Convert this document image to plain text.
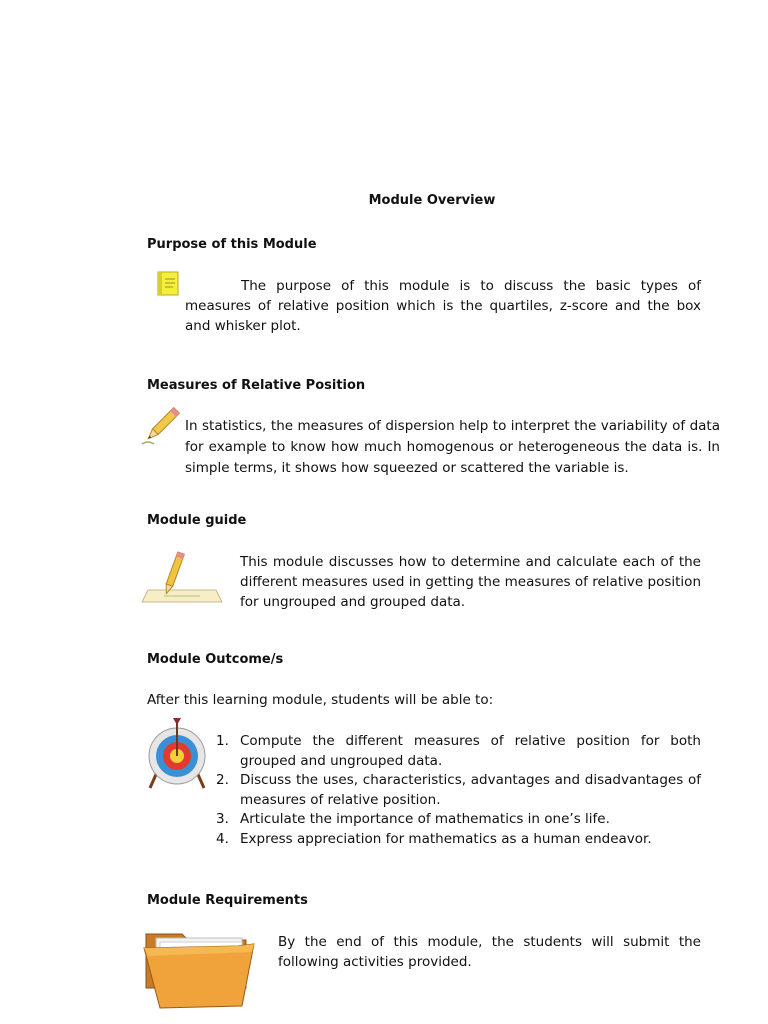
Module Overview
Purpose of this Module
The purpose of this module is to discuss the basic types of measures of relative position which is the quartiles, z-score and the box and whisker plot.
Measures of Relative Position
In statistics, the measures of dispersion help to interpret the variability of data for example to know how much homogenous or heterogeneous the data is. In simple terms, it shows how squeezed or scattered the variable is.
Module guide
This module discusses how to determine and calculate each of the different measures used in getting the measures of relative position for ungrouped and grouped data.
Module Outcome/s
After this learning module, students will be able to:
1. Compute the different measures of relative position for both grouped and ungrouped data.
2. Discuss the uses, characteristics, advantages and disadvantages of measures of relative position.
3. Articulate the importance of mathematics in one’s life.
4. Express appreciation for mathematics as a human endeavor.
Module Requirements
By the end of this module, the students will submit the following activities provided.
